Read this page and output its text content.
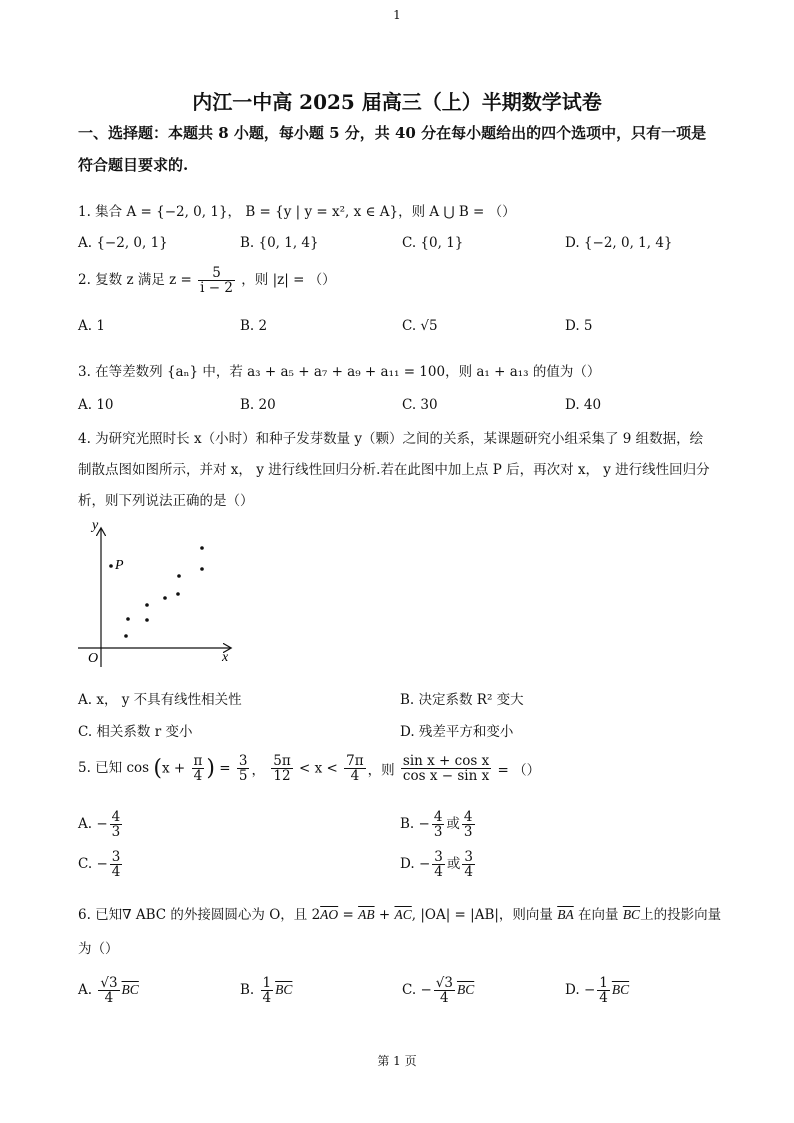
1
内江一中高 2025 届高三（上）半期数学试卷
一、选择题：本题共 8 小题，每小题 5 分，共 40 分在每小题给出的四个选项中，只有一项是
符合题目要求的.
1. 集合 A = {−2, 0, 1}， B = {y | y = x², x ∈ A}，则 A ⋃ B = （）
A. {−2, 0, 1}	B. {0, 1, 4}	C. {0, 1}	D. {−2, 0, 1, 4}
2. 复数 z 满足 $z = \frac{5}{i - 2}$ ，则 |z| = （）
A. 1	B. 2	C. √5	D. 5
3. 在等差数列 {aₙ} 中，若 a₃ + a₅ + a₇ + a₉ + a₁₁ = 100，则 a₁ + a₁₃ 的值为（）
A. 10	B. 20	C. 30	D. 40
4. 为研究光照时长 x（小时）和种子发芽数量 y（颗）之间的关系，某课题研究小组采集了 9 组数据，绘
制散点图如图所示，并对 x， y 进行线性回归分析.若在此图中加上点 P 后，再次对 x， y 进行线性回归分
析，则下列说法正确的是（）
y
x
O
P
A. x， y 不具有线性相关性	B. 决定系数 R² 变大
C. 相关系数 r 变小	D. 残差平方和变小
5. 已知 $\cos (x + \frac{\pi}{4}$ ) = $\frac{3}{5}$ ， $\frac{5\pi}{12} < x < \frac{7\pi}{4}$ ，则 $\frac{\text{sin x + cos x}}{\text{cos x − sin x}}$ = （）
A. − $\frac{4}{3}$	B. − $\frac{4}{3}$ 或 $\frac{4}{3}$
C. − $\frac{3}{4}$	D. − $\frac{3}{4}$ 或 $\frac{3}{4}$
6. 已知∇ ABC 的外接圆圆心为 O，且 $2\overline{AO} = \overline{AB} + \overline{AC}$, |OA| = |AB|，则向量 $\overline{BA}$ 在向量 $\overline{BC}$上的投影向量
为（）
A. $\frac{√3}{4} \overline{BC}$	B. $\frac{1}{4} \overline{BC}$	C. − $\frac{√3}{4} \overline{BC}$	D. − $\frac{1}{4} \overline{BC}$
第 1 页
